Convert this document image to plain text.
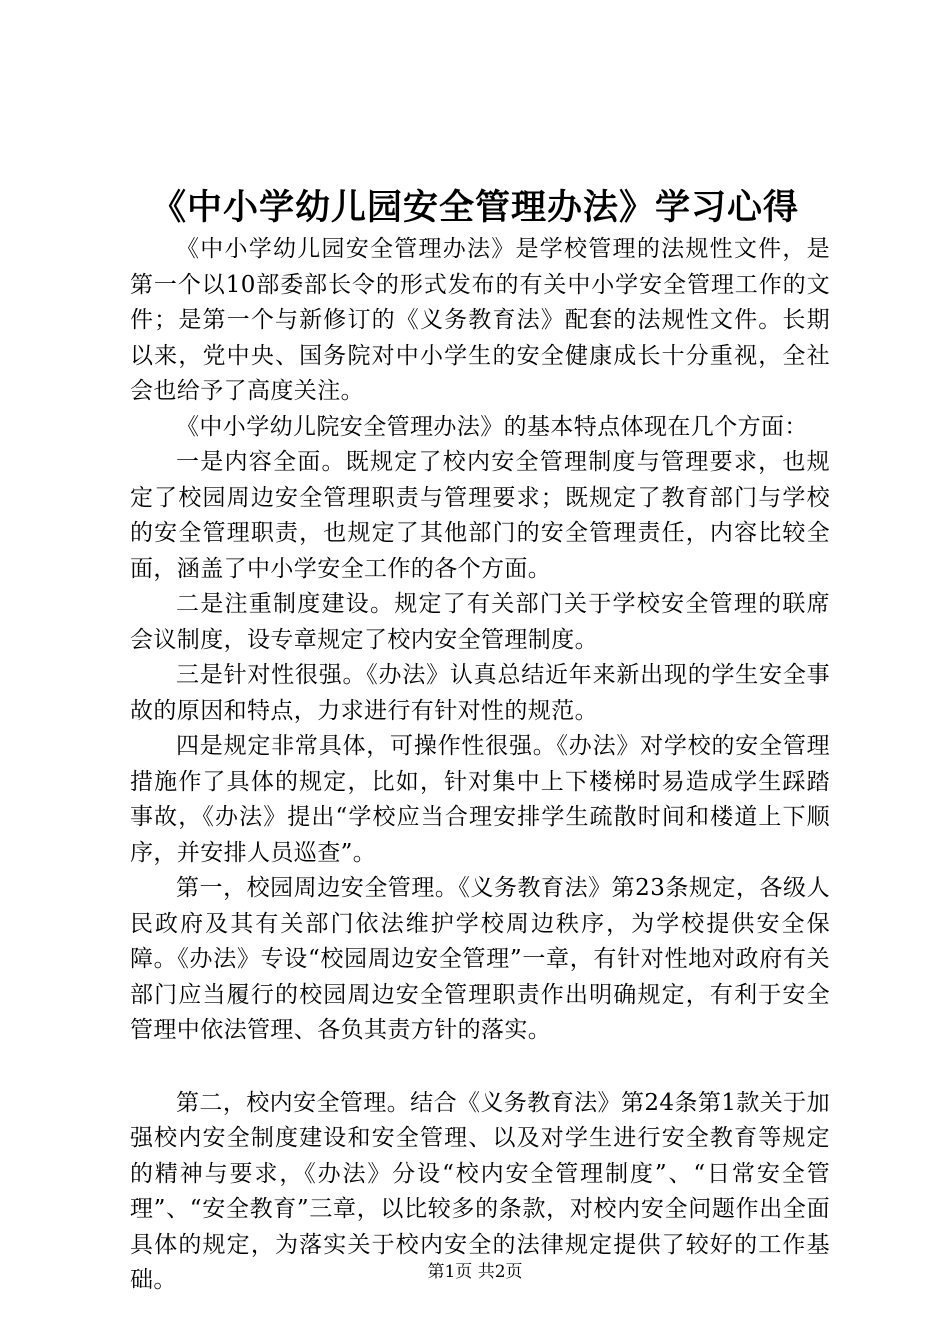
《中小学幼儿园安全管理办法》学习心得

《中小学幼儿园安全管理办法》是学校管理的法规性文件，是第一个以10部委部长令的形式发布的有关中小学安全管理工作的文件；是第一个与新修订的《义务教育法》配套的法规性文件。长期以来，党中央、国务院对中小学生的安全健康成长十分重视，全社会也给予了高度关注。

《中小学幼儿院安全管理办法》的基本特点体现在几个方面：

一是内容全面。既规定了校内安全管理制度与管理要求，也规定了校园周边安全管理职责与管理要求；既规定了教育部门与学校的安全管理职责，也规定了其他部门的安全管理责任，内容比较全面，涵盖了中小学安全工作的各个方面。

二是注重制度建设。规定了有关部门关于学校安全管理的联席会议制度，设专章规定了校内安全管理制度。

三是针对性很强。《办法》认真总结近年来新出现的学生安全事故的原因和特点，力求进行有针对性的规范。

四是规定非常具体，可操作性很强。《办法》对学校的安全管理措施作了具体的规定，比如，针对集中上下楼梯时易造成学生踩踏事故，《办法》提出“学校应当合理安排学生疏散时间和楼道上下顺序，并安排人员巡查”。

第一，校园周边安全管理。《义务教育法》第23条规定，各级人民政府及其有关部门依法维护学校周边秩序，为学校提供安全保障。《办法》专设“校园周边安全管理”一章，有针对性地对政府有关部门应当履行的校园周边安全管理职责作出明确规定，有利于安全管理中依法管理、各负其责方针的落实。

第二，校内安全管理。结合《义务教育法》第24条第1款关于加强校内安全制度建设和安全管理、以及对学生进行安全教育等规定的精神与要求，《办法》分设“校内安全管理制度”、“日常安全管理”、“安全教育”三章，以比较多的条款，对校内安全问题作出全面具体的规定，为落实关于校内安全的法律规定提供了较好的工作基础。	第1页 共2页
